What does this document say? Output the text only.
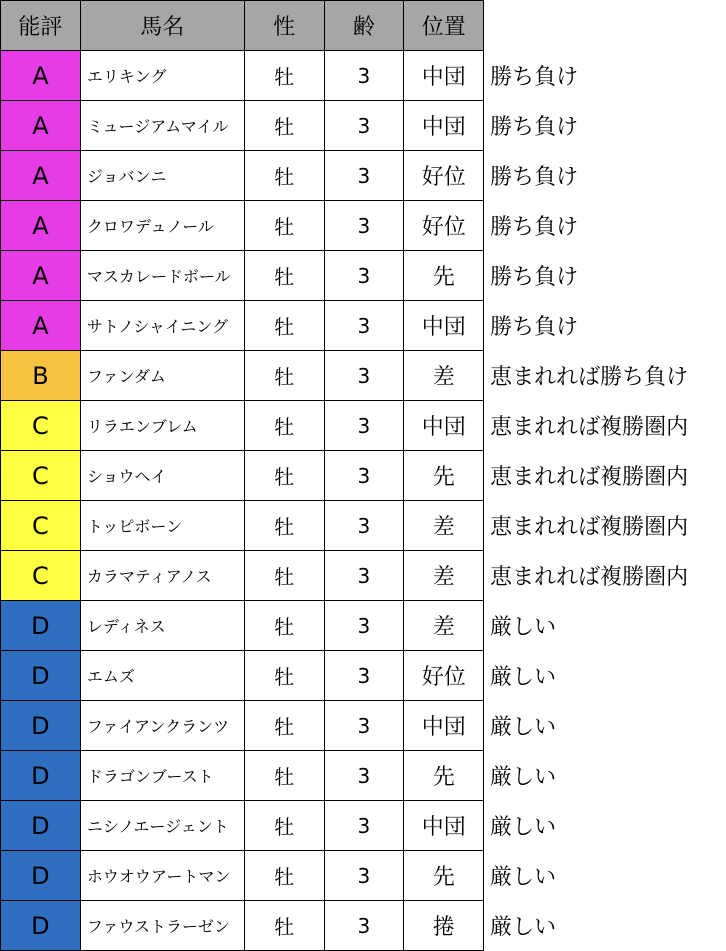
能評	馬名	性	齢	位置	
A	エリキング	牡	3	中団	勝ち負け
A	ミュージアムマイル	牡	3	中団	勝ち負け
A	ジョバンニ	牡	3	好位	勝ち負け
A	クロワデュノール	牡	3	好位	勝ち負け
A	マスカレードボール	牡	3	先	勝ち負け
A	サトノシャイニング	牡	3	中団	勝ち負け
B	ファンダム	牡	3	差	恵まれれば勝ち負け
C	リラエンブレム	牡	3	中団	恵まれれば複勝圏内
C	ショウヘイ	牡	3	先	恵まれれば複勝圏内
C	トッピボーン	牡	3	差	恵まれれば複勝圏内
C	カラマティアノス	牡	3	差	恵まれれば複勝圏内
D	レディネス	牡	3	差	厳しい
D	エムズ	牡	3	好位	厳しい
D	ファイアンクランツ	牡	3	中団	厳しい
D	ドラゴンブースト	牡	3	先	厳しい
D	ニシノエージェント	牡	3	中団	厳しい
D	ホウオウアートマン	牡	3	先	厳しい
D	ファウストラーゼン	牡	3	捲	厳しい
